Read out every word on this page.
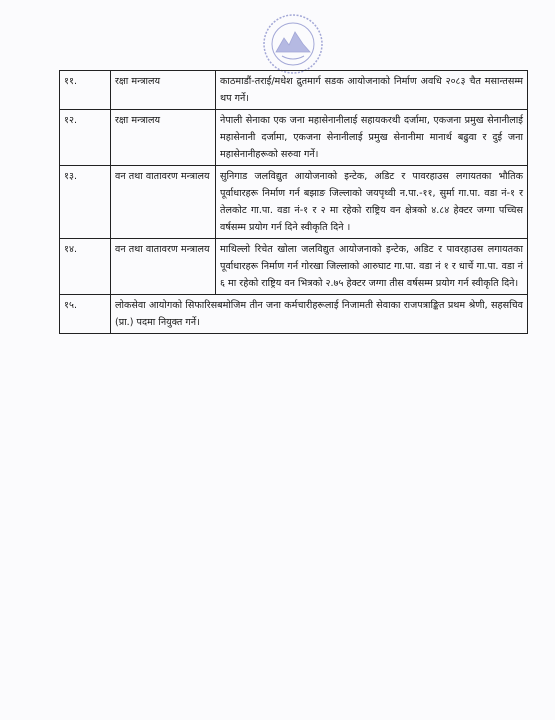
११.	रक्षा मन्त्रालय	काठमाडौं-तराई/मधेश द्रुतमार्ग सडक आयोजनाको निर्माण अवधि २०८३ चैत मसान्तसम्म थप गर्ने।
१२.	रक्षा मन्त्रालय	नेपाली सेनाका एक जना महासेनानीलाई सहायकरथी दर्जामा, एकजना प्रमुख सेनानीलाई महासेनानी दर्जामा, एकजना सेनानीलाई प्रमुख सेनानीमा मानार्थ बढुवा र दुई जना महासेनानीहरूको सरुवा गर्ने।
१३.	वन तथा वातावरण मन्त्रालय	सुनिगाड जलविद्युत आयोजनाको इन्टेक, अडिट र पावरहाउस लगायतका भौतिक पूर्वाधारहरू निर्माण गर्न बझाङ जिल्लाको जयपृथ्वी न.पा.-११, सुर्मा गा.पा. वडा नं-१ र तेलकोट गा.पा. वडा नं-१ र २ मा रहेको राष्ट्रिय वन क्षेत्रको ४.८४ हेक्टर जग्गा पच्चिस वर्षसम्म प्रयोग गर्न दिने स्वीकृति दिने ।
१४.	वन तथा वातावरण मन्त्रालय	माथिल्लो रिचेत खोला जलविद्युत आयोजनाको इन्टेक, अडिट र पावरहाउस लगायतका पूर्वाधारहरू निर्माण गर्न गोरखा जिल्लाको आरुघाट गा.पा. वडा नं १ र धार्चे गा.पा. वडा नं ६ मा रहेको राष्ट्रिय वन भित्रको २.७५ हेक्टर जग्गा तीस वर्षसम्म प्रयोग गर्न स्वीकृति दिने।
१५.	लोकसेवा आयोगको सिफारिसबमोजिम तीन जना कर्मचारीहरूलाई निजामती सेवाका राजपत्राङ्कित प्रथम श्रेणी, सहसचिव (प्रा.) पदमा नियुक्त गर्ने।	
